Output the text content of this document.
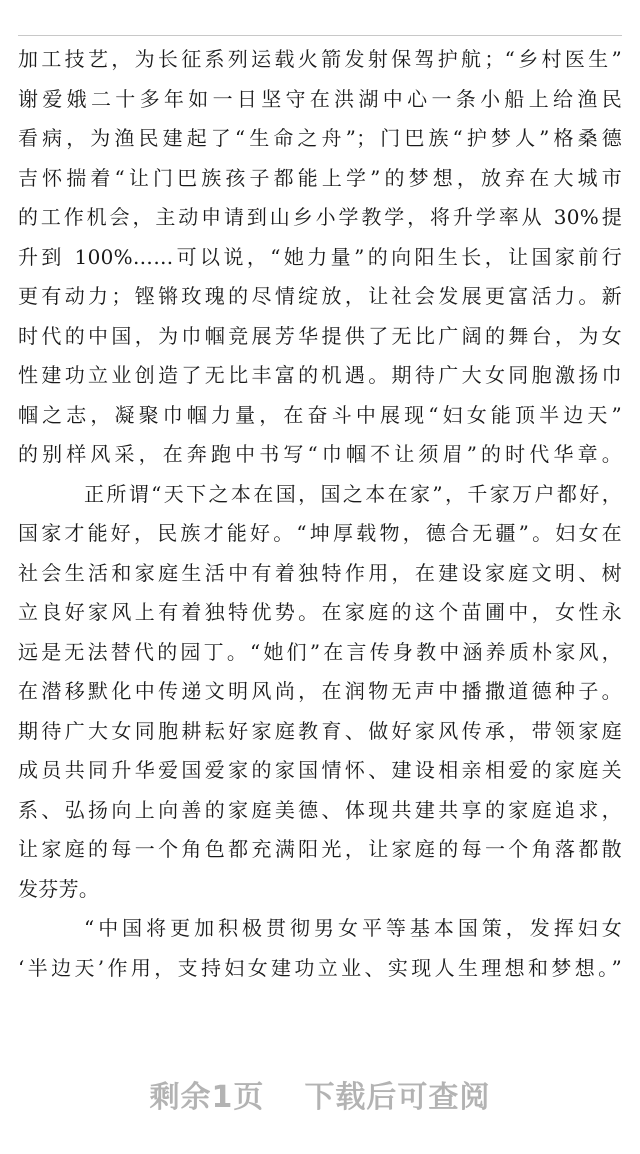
加工技艺，为长征系列运载火箭发射保驾护航；“乡村医生”
谢爱娥二十多年如一日坚守在洪湖中心一条小船上给渔民
看病，为渔民建起了“生命之舟”；门巴族“护梦人”格桑德
吉怀揣着“让门巴族孩子都能上学”的梦想，放弃在大城市
的工作机会，主动申请到山乡小学教学，将升学率从 30%提
升到 100%……可以说，“她力量”的向阳生长，让国家前行
更有动力；铿锵玫瑰的尽情绽放，让社会发展更富活力。新
时代的中国，为巾帼竞展芳华提供了无比广阔的舞台，为女
性建功立业创造了无比丰富的机遇。期待广大女同胞激扬巾
帼之志，凝聚巾帼力量，在奋斗中展现“妇女能顶半边天”
的别样风采，在奔跑中书写“巾帼不让须眉”的时代华章。
正所谓“天下之本在国，国之本在家”，千家万户都好，
国家才能好，民族才能好。“坤厚载物，德合无疆”。妇女在
社会生活和家庭生活中有着独特作用，在建设家庭文明、树
立良好家风上有着独特优势。在家庭的这个苗圃中，女性永
远是无法替代的园丁。“她们”在言传身教中涵养质朴家风，
在潜移默化中传递文明风尚，在润物无声中播撒道德种子。
期待广大女同胞耕耘好家庭教育、做好家风传承，带领家庭
成员共同升华爱国爱家的家国情怀、建设相亲相爱的家庭关
系、弘扬向上向善的家庭美德、体现共建共享的家庭追求，
让家庭的每一个角色都充满阳光，让家庭的每一个角落都散
发芬芳。
“中国将更加积极贯彻男女平等基本国策，发挥妇女
‘半边天’作用，支持妇女建功立业、实现人生理想和梦想。”
剩余1页 下载后可查阅
